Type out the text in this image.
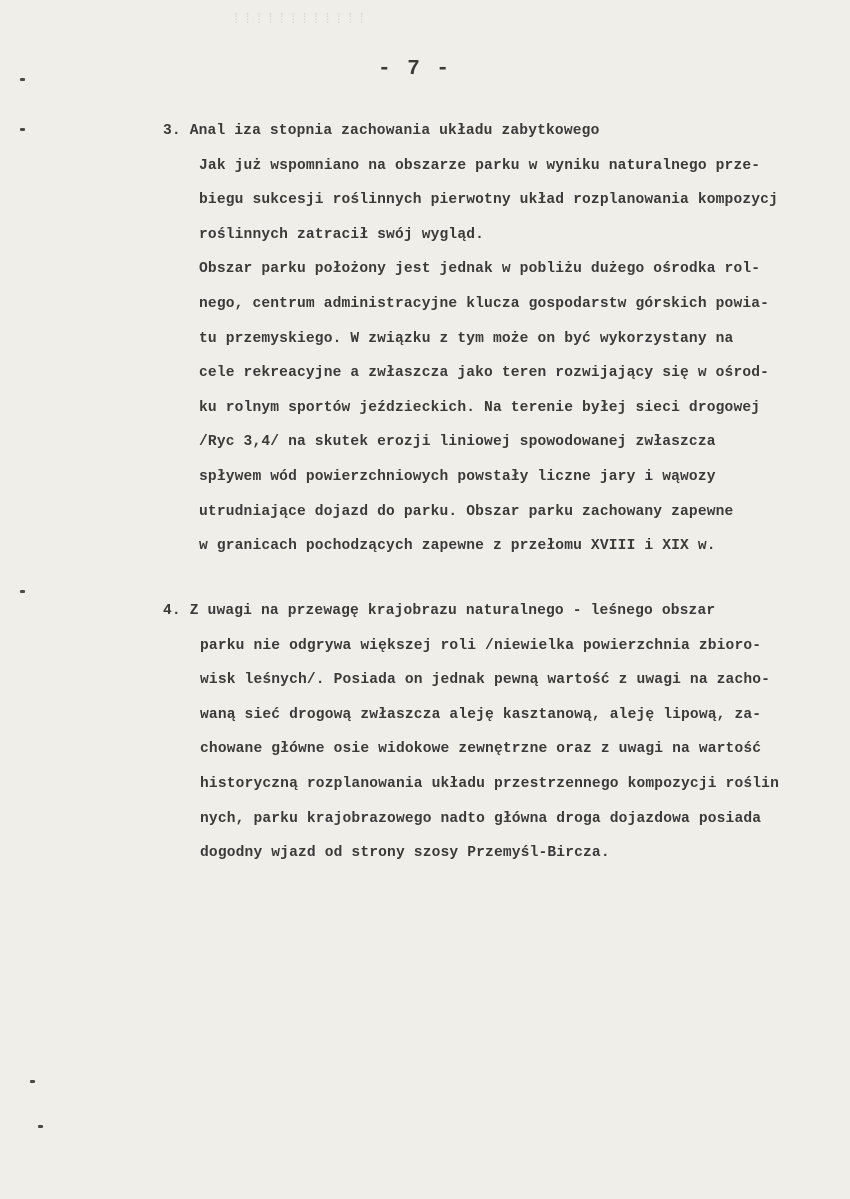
⁞⁞⁞⁞⁞⁞⁞⁞⁞⁞⁞⁞
- 7 -
3. Anal iza stopnia zachowania układu zabytkowego
Jak już wspomniano na obszarze parku w wyniku naturalnego prze-
biegu sukcesji roślinnych pierwotny układ rozplanowania kompozycj
roślinnych zatracił swój wygląd.
Obszar parku położony jest jednak w pobliżu dużego ośrodka rol-
nego, centrum administracyjne klucza gospodarstw górskich powia-
tu przemyskiego. W związku z tym może on być wykorzystany na
cele rekreacyjne a zwłaszcza jako teren rozwijający się w ośrod-
ku rolnym sportów jeździeckich. Na terenie byłej sieci drogowej
/Ryc 3,4/ na skutek erozji liniowej spowodowanej zwłaszcza
spływem wód powierzchniowych powstały liczne jary i wąwozy
utrudniające dojazd do parku. Obszar parku zachowany zapewne
w granicach pochodzących zapewne z przełomu XVIII i XIX w.
4. Z uwagi na przewagę krajobrazu naturalnego - leśnego obszar
parku nie odgrywa większej roli /niewielka powierzchnia zbioro-
wisk leśnych/. Posiada on jednak pewną wartość z uwagi na zacho-
waną sieć drogową zwłaszcza aleję kasztanową, aleję lipową, za-
chowane główne osie widokowe zewnętrzne oraz z uwagi na wartość
historyczną rozplanowania układu przestrzennego kompozycji roślin
nych, parku krajobrazowego nadto główna droga dojazdowa posiada
dogodny wjazd od strony szosy Przemyśl-Bircza.
